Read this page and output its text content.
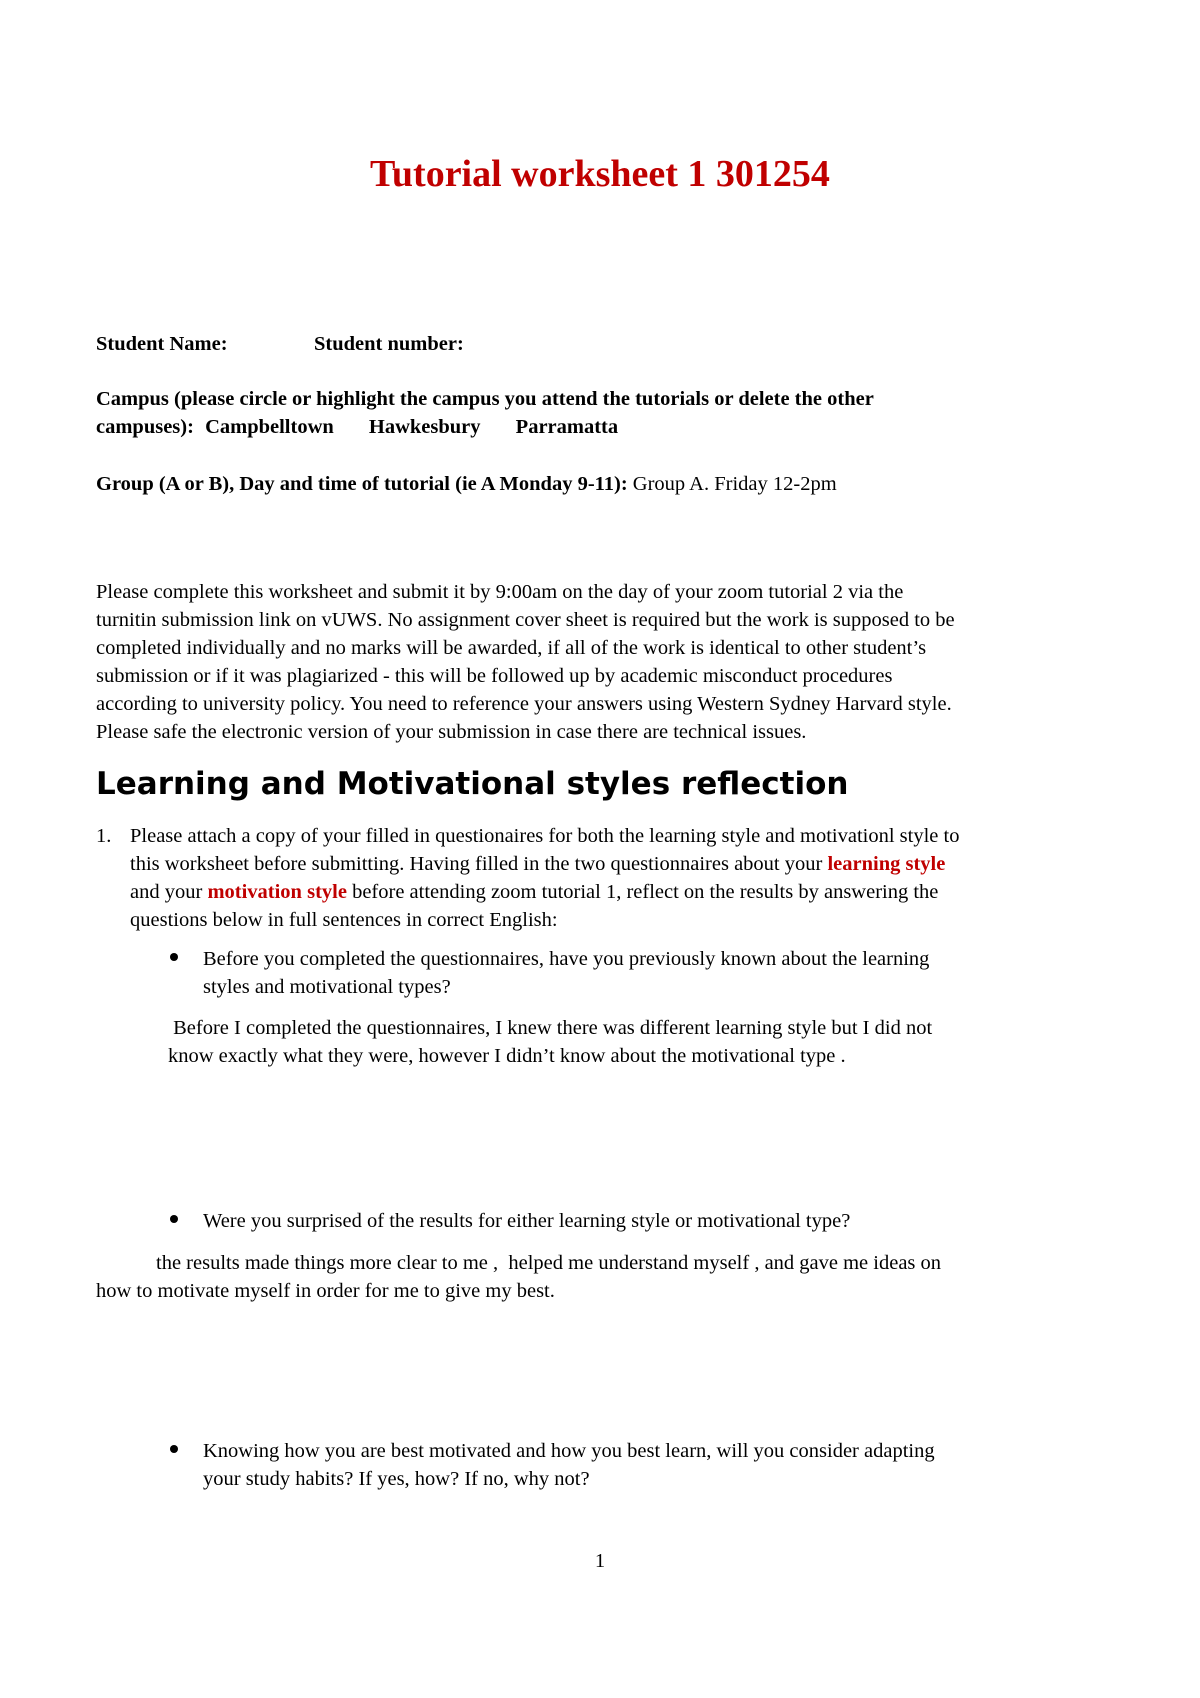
Tutorial worksheet 1 301254
Student Name:	Student number:
Campus (please circle or highlight the campus you attend the tutorials or delete the other
campuses): Campbelltown Hawkesbury Parramatta
Group (A or B), Day and time of tutorial (ie A Monday 9-11): Group A. Friday 12-2pm
Please complete this worksheet and submit it by 9:00am on the day of your zoom tutorial 2 via the
turnitin submission link on vUWS. No assignment cover sheet is required but the work is supposed to be
completed individually and no marks will be awarded, if all of the work is identical to other student’s
submission or if it was plagiarized - this will be followed up by academic misconduct procedures
according to university policy. You need to reference your answers using Western Sydney Harvard style.
Please safe the electronic version of your submission in case there are technical issues.
Learning and Motivational styles reflection
1. Please attach a copy of your filled in questionaires for both the learning style and motivationl style to
this worksheet before submitting. Having filled in the two questionnaires about your learning style
and your motivation style before attending zoom tutorial 1, reflect on the results by answering the
questions below in full sentences in correct English:
Before you completed the questionnaires, have you previously known about the learning
styles and motivational types?
Before I completed the questionnaires, I knew there was different learning style but I did not
know exactly what they were, however I didn’t know about the motivational type .
Were you surprised of the results for either learning style or motivational type?
the results made things more clear to me ,  helped me understand myself , and gave me ideas on
how to motivate myself in order for me to give my best.
Knowing how you are best motivated and how you best learn, will you consider adapting
your study habits? If yes, how? If no, why not?
1
